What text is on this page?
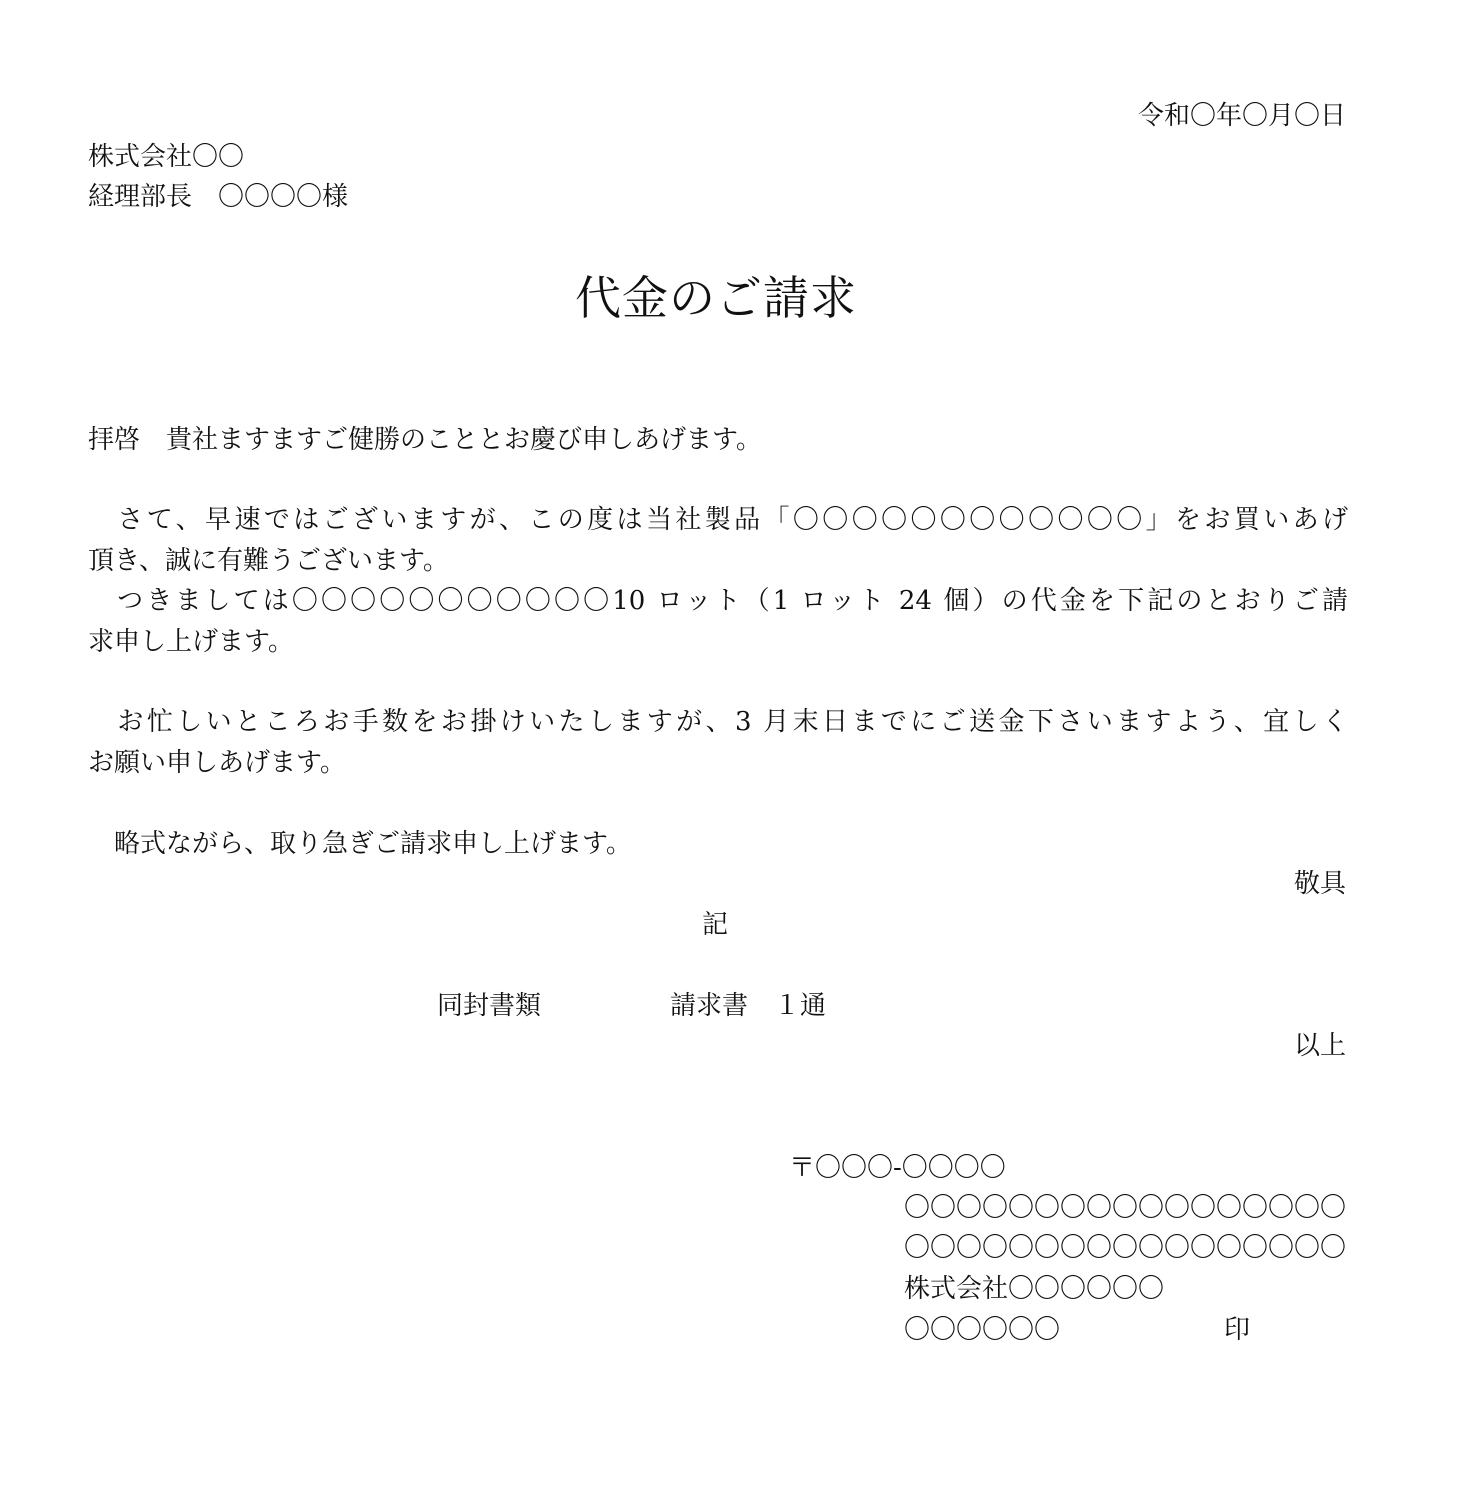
令和〇年〇月〇日

株式会社〇〇

経理部長　〇〇〇〇様

代金のご請求

拝啓　貴社ますますご健勝のこととお慶び申しあげます。

　さて、早速ではございますが、この度は当社製品「〇〇〇〇〇〇〇〇〇〇〇〇」をお買いあげ

頂き、誠に有難うございます。

　つきましては〇〇〇〇〇〇〇〇〇〇〇10 ロット（1 ロット 24 個）の代金を下記のとおりご請

求申し上げます。

　お忙しいところお手数をお掛けいたしますが、3 月末日までにご送金下さいますよう、宜しく

お願い申しあげます。

　略式ながら、取り急ぎご請求申し上げます。

敬具

記

同封書類	請求書　１通

以上

〒〇〇〇-〇〇〇〇

〇〇〇〇〇〇〇〇〇〇〇〇〇〇〇〇〇

〇〇〇〇〇〇〇〇〇〇〇〇〇〇〇〇〇

株式会社〇〇〇〇〇〇

〇〇〇〇〇〇	印
